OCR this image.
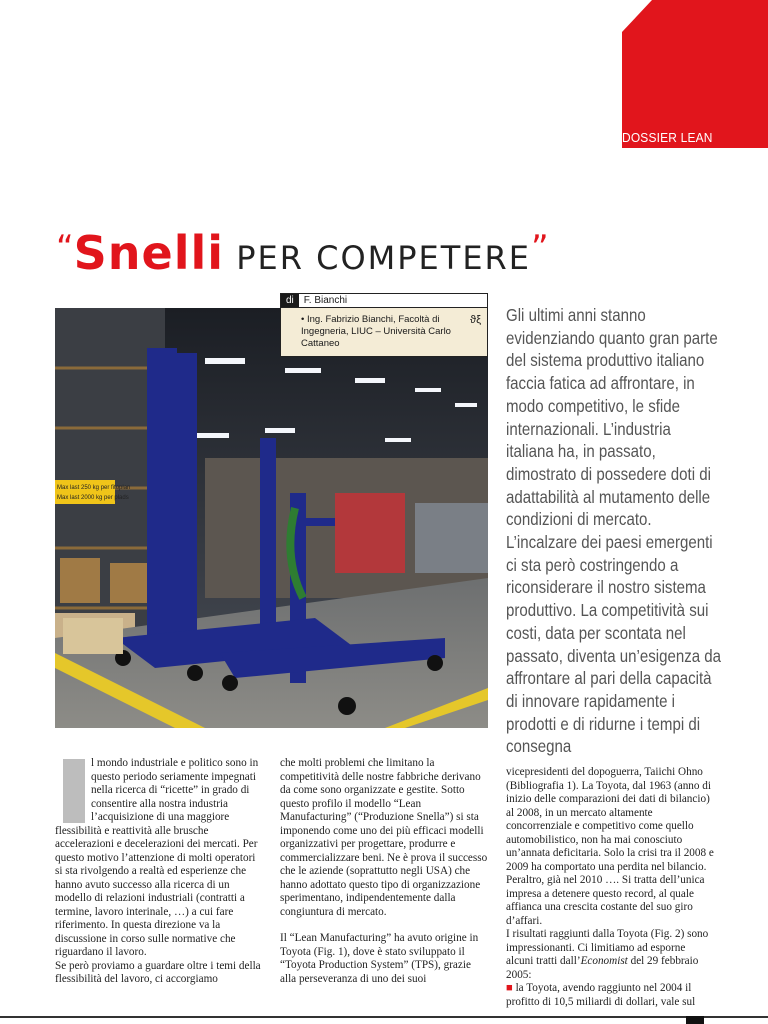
DOSSIER LEAN
“Snelli PER COMPETERE”
Max last 250 kg per fitoplan
Max last 2000 kg per plads
di	F. Bianchi
• Ing. Fabrizio Bianchi, Facoltà di Ingegneria, LIUC – Università Carlo Cattaneo
ϑξ Gli ultimi anni stanno evidenziando quanto gran parte del sistema produttivo italiano faccia fatica ad affrontare, in modo competitivo, le sfide internazionali. L’industria italiana ha, in passato, dimostrato di possedere doti di adattabilità al mutamento delle condizioni di mercato. L’incalzare dei paesi emergenti ci sta però costringendo a riconsiderare il nostro sistema produttivo. La competitività sui costi, data per scontata nel passato, diventa un’esigenza da affrontare al pari della capacità di innovare rapidamente i prodotti e di ridurne i tempi di consegna

l mondo industriale e politico sono in questo periodo seriamente impegnati nella ricerca di “ricette” in grado di consentire alla nostra industria l’acquisizione di una maggiore flessibilità e reattività alle brusche accelerazioni e decelerazioni dei mercati. Per questo motivo l’attenzione di molti operatori si sta rivolgendo a realtà ed esperienze che hanno avuto successo alla ricerca di un modello di relazioni industriali (contratti a termine, lavoro interinale, …) a cui fare riferimento. In questa direzione va la discussione in corso sulle normative che riguardano il lavoro.

Se però proviamo a guardare oltre i temi della flessibilità del lavoro, ci accorgiamo

che molti problemi che limitano la competitività delle nostre fabbriche derivano da come sono organizzate e gestite. Sotto questo profilo il modello “Lean Manufacturing” (“Produzione Snella”) si sta imponendo come uno dei più efficaci modelli organizzativi per progettare, produrre e commercializzare beni. Ne è prova il successo che le aziende (soprattutto negli USA) che hanno adottato questo tipo di organizzazione sperimentano, indipendentemente dalla congiuntura di mercato.

Il “Lean Manufacturing” ha avuto origine in Toyota (Fig. 1), dove è stato sviluppato il “Toyota Production System” (TPS), grazie alla perseveranza di uno dei suoi

vicepresidenti del dopoguerra, Taiichi Ohno (Bibliografia 1). La Toyota, dal 1963 (anno di inizio delle comparazioni dei dati di bilancio) al 2008, in un mercato altamente concorrenziale e competitivo come quello automobilistico, non ha mai conosciuto un’annata deficitaria. Solo la crisi tra il 2008 e 2009 ha comportato una perdita nel bilancio. Peraltro, già nel 2010 …. Si tratta dell’unica impresa a detenere questo record, al quale affianca una crescita costante del suo giro d’affari.

I risultati raggiunti dalla Toyota (Fig. 2) sono impressionanti. Ci limitiamo ad esporne alcuni tratti dall’Economist del 29 febbraio 2005:

■ la Toyota, avendo raggiunto nel 2004 il profitto di 10,5 miliardi di dollari, vale sul
